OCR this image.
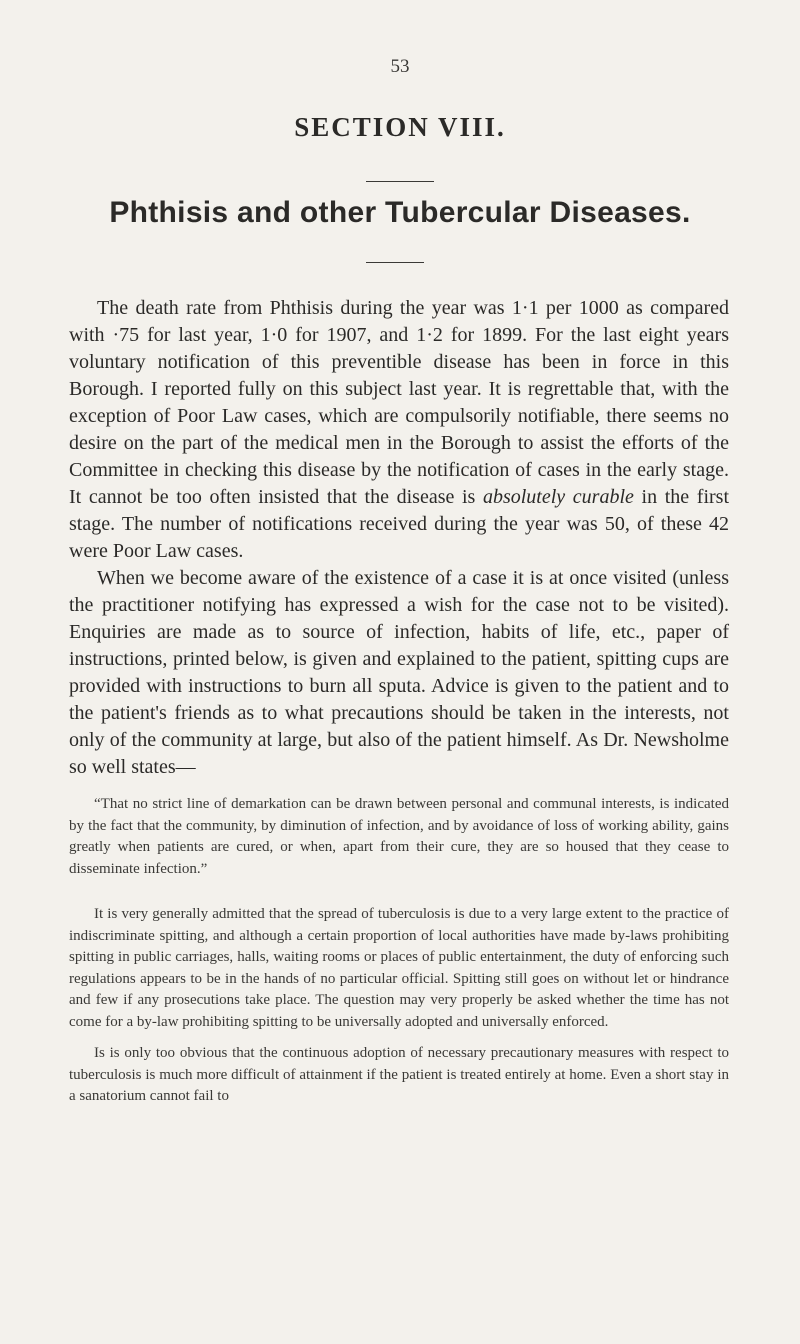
53
SECTION VIII.
Phthisis and other Tubercular Diseases.

The death rate from Phthisis during the year was 1·1 per 1000 as compared with ·75 for last year, 1·0 for 1907, and 1·2 for 1899. For the last eight years voluntary notification of this preventible disease has been in force in this Borough. I reported fully on this subject last year. It is regrettable that, with the exception of Poor Law cases, which are compulsorily notifiable, there seems no desire on the part of the medical men in the Borough to assist the efforts of the Committee in checking this disease by the notification of cases in the early stage. It cannot be too often insisted that the disease is absolutely curable in the first stage. The number of notifications received during the year was 50, of these 42 were Poor Law cases.

When we become aware of the existence of a case it is at once visited (unless the practitioner notifying has expressed a wish for the case not to be visited). Enquiries are made as to source of infection, habits of life, etc., paper of instructions, printed below, is given and explained to the patient, spitting cups are provided with instructions to burn all sputa. Advice is given to the patient and to the patient's friends as to what precautions should be taken in the interests, not only of the community at large, but also of the patient himself. As Dr. Newsholme so well states—

“That no strict line of demarkation can be drawn between personal and communal interests, is indicated by the fact that the community, by diminution of infection, and by avoidance of loss of working ability, gains greatly when patients are cured, or when, apart from their cure, they are so housed that they cease to disseminate infection.”

It is very generally admitted that the spread of tuberculosis is due to a very large extent to the practice of indiscriminate spitting, and although a certain proportion of local authorities have made by-laws prohibiting spitting in public carriages, halls, waiting rooms or places of public entertainment, the duty of enforcing such regulations appears to be in the hands of no particular official. Spitting still goes on without let or hindrance and few if any prosecutions take place. The question may very properly be asked whether the time has not come for a by-law prohibiting spitting to be universally adopted and universally enforced.

Is is only too obvious that the continuous adoption of necessary precautionary measures with respect to tuberculosis is much more difficult of attainment if the patient is treated entirely at home. Even a short stay in a sanatorium cannot fail to
